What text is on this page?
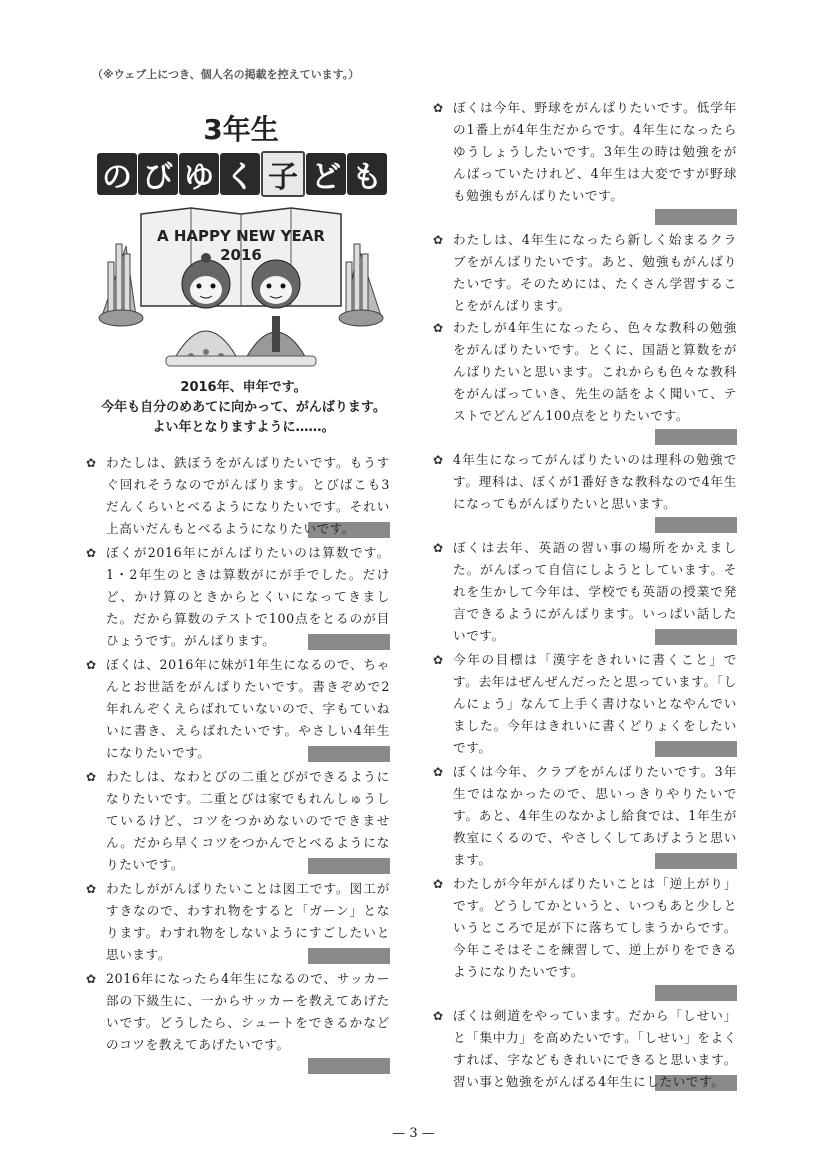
（※ウェブ上につき、個人名の掲載を控えています。）
3年生
の び ゆ く 子 ど も
A HAPPY NEW YEAR
2016
2016年、申年です。
今年も自分のめあてに向かって、がんばります。
よい年となりますように……。
✿ わたしは、鉄ぼうをがんばりたいです。もうすぐ回れそうなのでがんばります。とびばこも3だんくらいとべるようになりたいです。それい上高いだんもとべるようになりたいです。
✿ ぼくが2016年にがんばりたいのは算数です。1・2年生のときは算数がにが手でした。だけど、かけ算のときからとくいになってきました。だから算数のテストで100点をとるのが目ひょうです。がんばります。
✿ ぼくは、2016年に妹が1年生になるので、ちゃんとお世話をがんばりたいです。書きぞめで2年れんぞくえらばれていないので、字もていねいに書き、えらばれたいです。やさしい4年生になりたいです。
✿ わたしは、なわとびの二重とびができるようになりたいです。二重とびは家でもれんしゅうしているけど、コツをつかめないのでできません。だから早くコツをつかんでとべるようになりたいです。
✿ わたしががんばりたいことは図工です。図工がすきなので、わすれ物をすると「ガーン」となります。わすれ物をしないようにすごしたいと思います。
✿ 2016年になったら4年生になるので、サッカー部の下級生に、一からサッカーを教えてあげたいです。どうしたら、シュートをできるかなどのコツを教えてあげたいです。
✿ ぼくは今年、野球をがんばりたいです。低学年の1番上が4年生だからです。4年生になったらゆうしょうしたいです。3年生の時は勉強をがんばっていたけれど、4年生は大変ですが野球も勉強もがんばりたいです。
✿ わたしは、4年生になったら新しく始まるクラブをがんばりたいです。あと、勉強もがんばりたいです。そのためには、たくさん学習することをがんばります。
✿ わたしが4年生になったら、色々な教科の勉強をがんばりたいです。とくに、国語と算数をがんばりたいと思います。これからも色々な教科をがんばっていき、先生の話をよく聞いて、テストでどんどん100点をとりたいです。
✿ 4年生になってがんばりたいのは理科の勉強です。理科は、ぼくが1番好きな教科なので4年生になってもがんばりたいと思います。
✿ ぼくは去年、英語の習い事の場所をかえました。がんばって自信にしようとしています。それを生かして今年は、学校でも英語の授業で発言できるようにがんばります。いっぱい話したいです。
✿ 今年の目標は「漢字をきれいに書くこと」です。去年はぜんぜんだったと思っています。「しんにょう」なんて上手く書けないとなやんでいました。今年はきれいに書くどりょくをしたいです。
✿ ぼくは今年、クラブをがんばりたいです。3年生ではなかったので、思いっきりやりたいです。あと、4年生のなかよし給食では、1年生が教室にくるので、やさしくしてあげようと思います。
✿ わたしが今年がんばりたいことは「逆上がり」です。どうしてかというと、いつもあと少しというところで足が下に落ちてしまうからです。今年こそはそこを練習して、逆上がりをできるようになりたいです。
✿ ぼくは剣道をやっています。だから「しせい」と「集中力」を高めたいです。「しせい」をよくすれば、字などもきれいにできると思います。習い事と勉強をがんばる4年生にしたいです。
— 3 —
